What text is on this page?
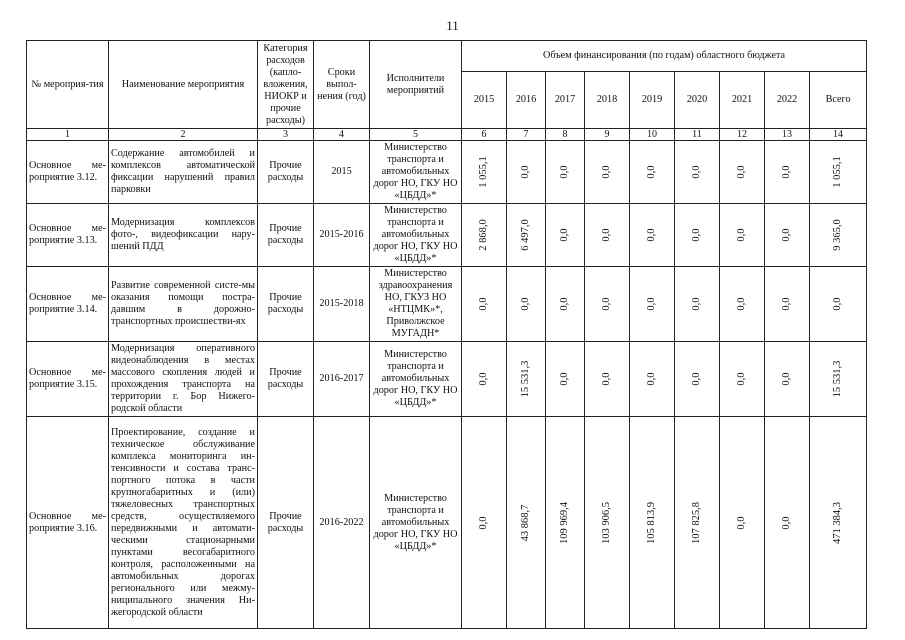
11
№ мероприя-тия	Наименование мероприятия	Категория расходов (капло-вложения, НИОКР и прочие расходы)	Сроки выпол-нения (год)	Исполнители мероприятий	Объем финансирования (по годам) областного бюджета								
					2015	2016	2017	2018	2019	2020	2021	2022	Всего
1	2	3	4	5	6	7	8	9	10	11	12	13	14
Основное ме-роприятие 3.12.	Содержание автомобилей и комплексов автоматической фиксации нарушений правил парковки	Прочие расходы	2015	Министерство транспорта и автомобильных дорог НО, ГКУ НО «ЦБДД»*	1 055,1	0,0	0,0	0,0	0,0	0,0	0,0	0,0	1 055,1

Основное ме-роприятие 3.13.	Модернизация комплексов фото-, видеофиксации нару-шений ПДД	Прочие расходы	2015-2016	Министерство транспорта и автомобильных дорог НО, ГКУ НО «ЦБДД»*	2 868,0	6 497,0	0,0	0,0	0,0	0,0	0,0	0,0	9 365,0

Основное ме-роприятие 3.14.	Развитие современной систе-мы оказания помощи постра-давшим в дорожно-транспортных происшестви-ях	Прочие расходы	2015-2018	Министерство здравоохранения НО, ГКУЗ НО «НТЦМК»*, Приволжское МУГАДН*	0,0	0,0	0,0	0,0	0,0	0,0	0,0	0,0	0,0

Основное ме-роприятие 3.15.	Модернизация оперативного видеонаблюдения в местах массового скопления людей и прохождения транспорта на территории г. Бор Нижего-родской области	Прочие расходы	2016-2017	Министерство транспорта и автомобильных дорог НО, ГКУ НО «ЦБДД»*	0,0	15 531,3	0,0	0,0	0,0	0,0	0,0	0,0	15 531,3

Основное ме-роприятие 3.16.	Проектирование, создание и техническое обслуживание комплекса мониторинга ин-тенсивности и состава транс-портного потока в части крупногабаритных и (или) тяжеловесных транспортных средств, осуществляемого передвижными и автомати-ческими стационарными пунктами весогабаритного контроля, расположенными на автомобильных дорогах регионального или межму-ниципального значения Ни-жегородской области	Прочие расходы	2016-2022	Министерство транспорта и автомобильных дорог НО, ГКУ НО «ЦБДД»*	0,0	43 868,7	109 969,4	103 906,5	105 813,9	107 825,8	0,0	0,0	471 384,3
